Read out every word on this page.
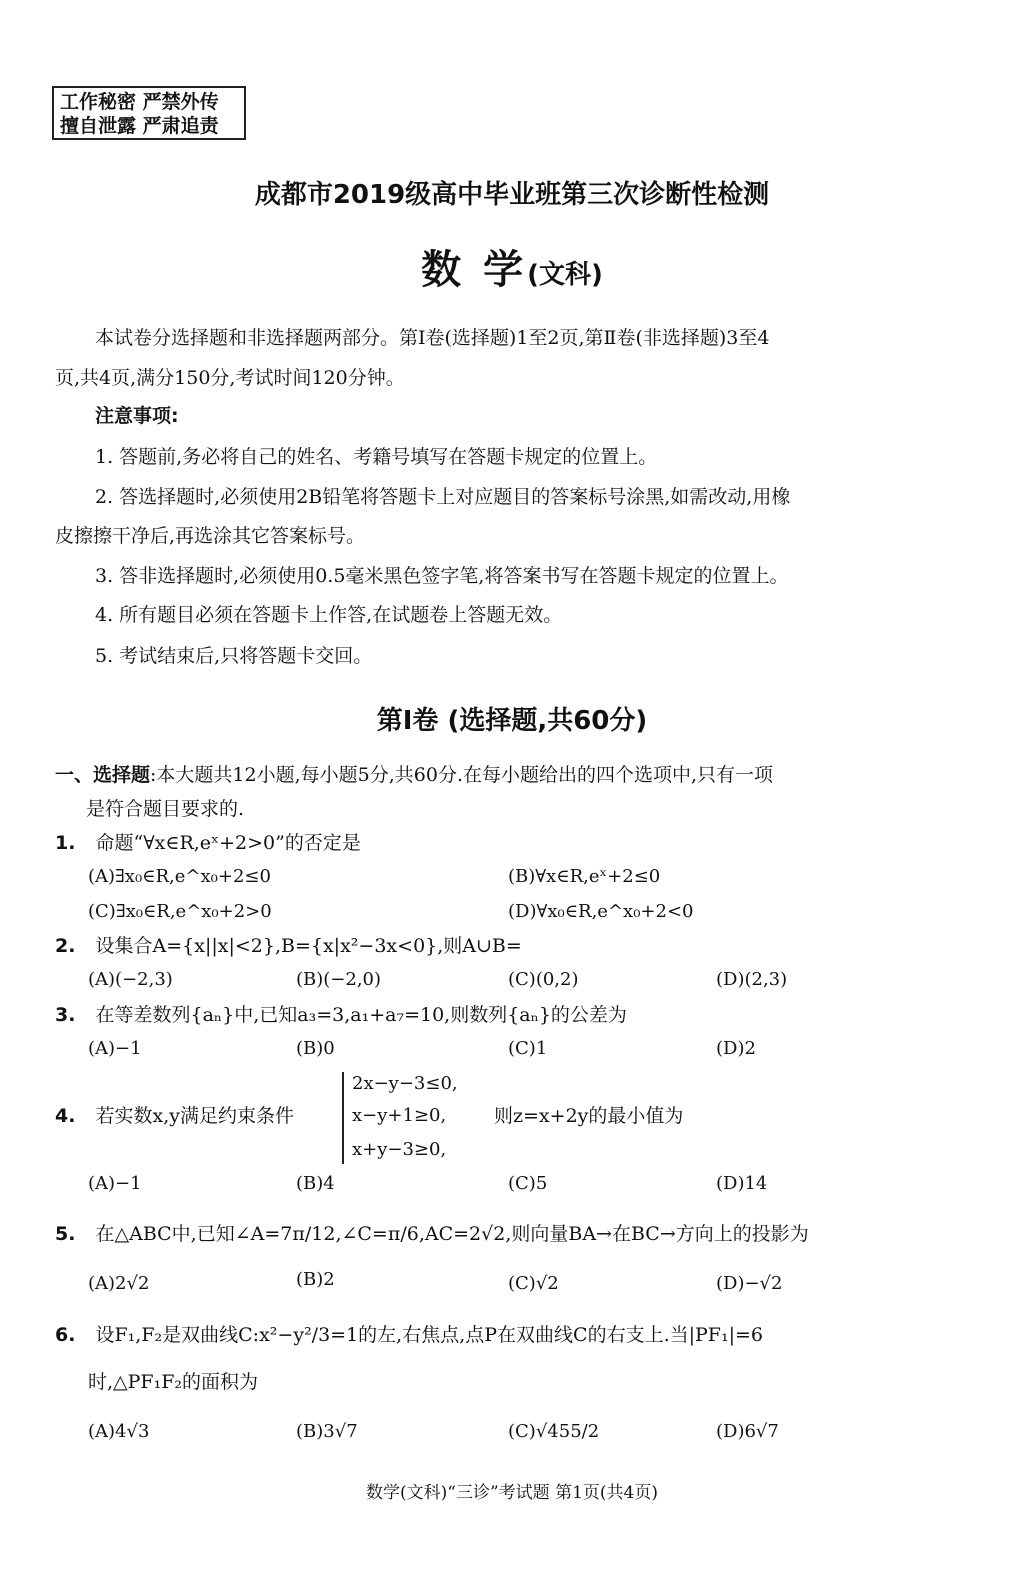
工作秘密 严禁外传
擅自泄露 严肃追责
成都市2019级高中毕业班第三次诊断性检测
数 学(文科)
本试卷分选择题和非选择题两部分。第Ⅰ卷(选择题)1至2页,第Ⅱ卷(非选择题)3至4
页,共4页,满分150分,考试时间120分钟。
注意事项:
1. 答题前,务必将自己的姓名、考籍号填写在答题卡规定的位置上。
2. 答选择题时,必须使用2B铅笔将答题卡上对应题目的答案标号涂黑,如需改动,用橡
皮擦擦干净后,再选涂其它答案标号。
3. 答非选择题时,必须使用0.5毫米黑色签字笔,将答案书写在答题卡规定的位置上。
4. 所有题目必须在答题卡上作答,在试题卷上答题无效。
5. 考试结束后,只将答题卡交回。
第Ⅰ卷 (选择题,共60分)
一、选择题:本大题共12小题,每小题5分,共60分.在每小题给出的四个选项中,只有一项
是符合题目要求的.
1. 命题“∀x∈R,eˣ+2>0”的否定是
(A)∃x₀∈R,e^x₀+2≤0	(B)∀x∈R,eˣ+2≤0
(C)∃x₀∈R,e^x₀+2>0	(D)∀x₀∈R,e^x₀+2<0
2. 设集合A={x||x|<2},B={x|x²−3x<0},则A∪B=
(A)(−2,3)	(B)(−2,0)	(C)(0,2)	(D)(2,3)
3. 在等差数列{aₙ}中,已知a₃=3,a₁+a₇=10,则数列{aₙ}的公差为
(A)−1	(B)0	(C)1	(D)2
4. 若实数x,y满足约束条件
2x−y−3≤0,
x−y+1≥0,
x+y−3≥0,
则z=x+2y的最小值为
(A)−1	(B)4	(C)5	(D)14
5. 在△ABC中,已知∠A=7π/12,∠C=π/6,AC=2√2,则向量BA→在BC→方向上的投影为
(A)2√2	(B)2	(C)√2	(D)−√2
6. 设F₁,F₂是双曲线C:x²−y²/3=1的左,右焦点,点P在双曲线C的右支上.当|PF₁|=6
时,△PF₁F₂的面积为
(A)4√3	(B)3√7	(C)√455/2	(D)6√7
数学(文科)“三诊”考试题 第1页(共4页)
